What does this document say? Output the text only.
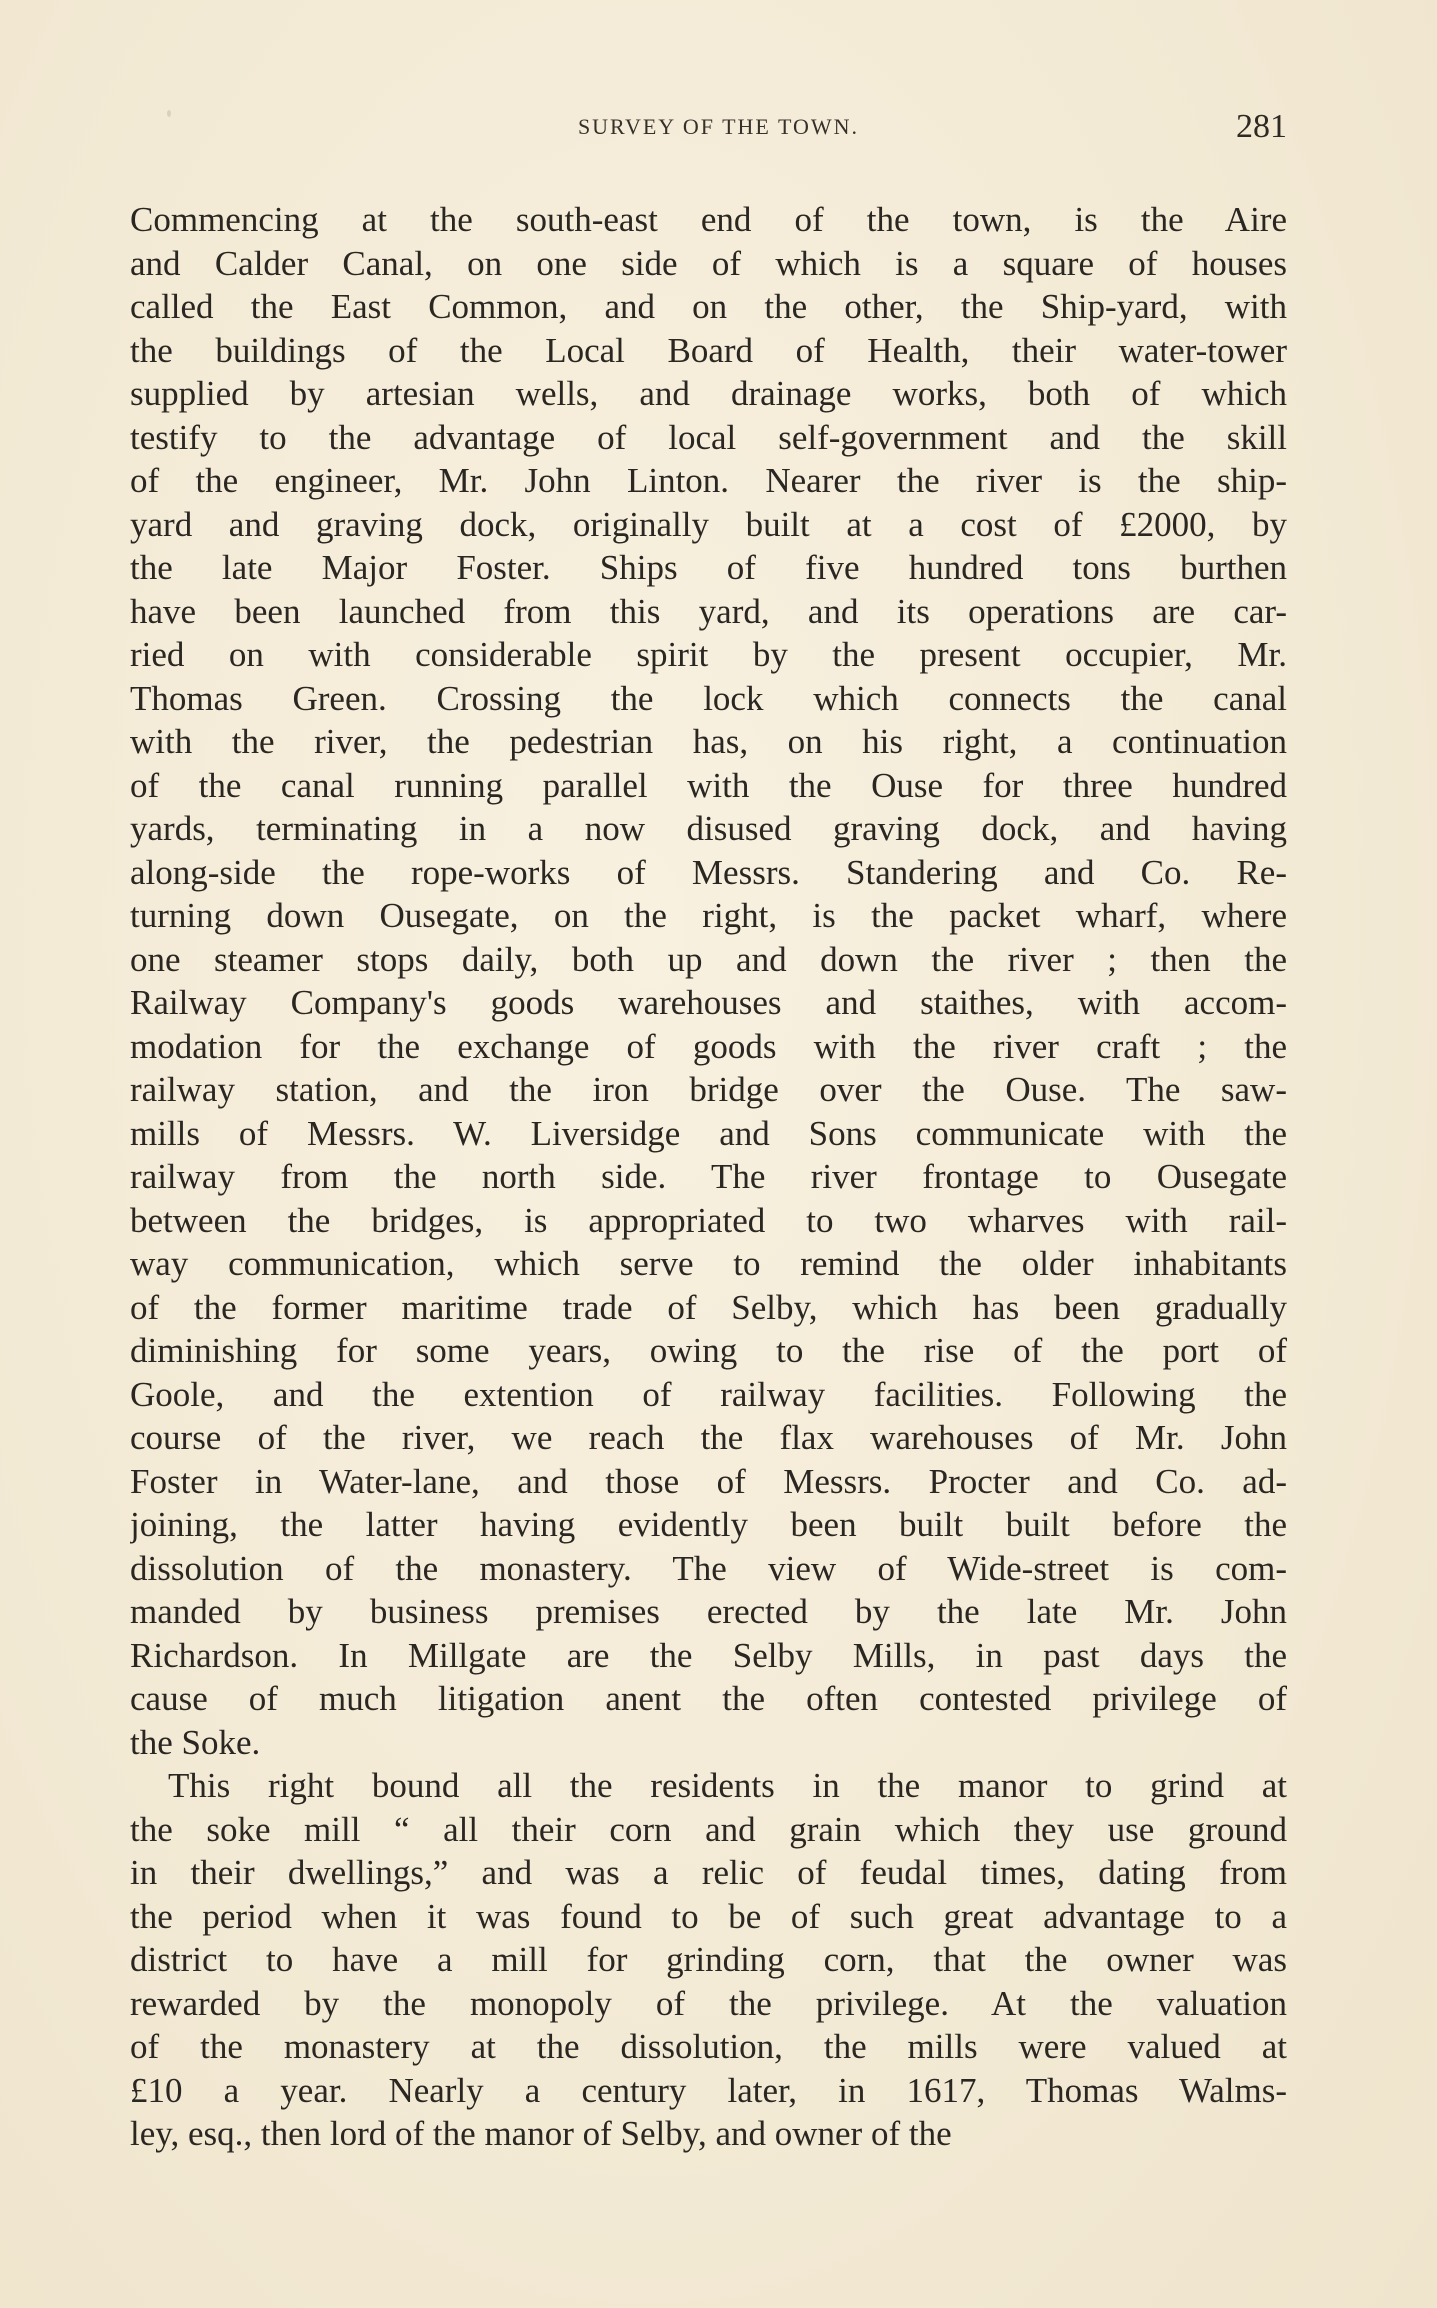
SURVEY OF THE TOWN.	281

Commencing at the south-east end of the town, is the Aire
and Calder Canal, on one side of which is a square of houses
called the East Common, and on the other, the Ship-yard, with
the buildings of the Local Board of Health, their water-tower
supplied by artesian wells, and drainage works, both of which
testify to the advantage of local self-government and the skill
of the engineer, Mr. John Linton. Nearer the river is the ship-
yard and graving dock, originally built at a cost of £2000, by
the late Major Foster. Ships of five hundred tons burthen
have been launched from this yard, and its operations are car-
ried on with considerable spirit by the present occupier, Mr.
Thomas Green. Crossing the lock which connects the canal
with the river, the pedestrian has, on his right, a continuation
of the canal running parallel with the Ouse for three hundred
yards, terminating in a now disused graving dock, and having
along-side the rope-works of Messrs. Standering and Co. Re-
turning down Ousegate, on the right, is the packet wharf, where
one steamer stops daily, both up and down the river ; then the
Railway Company's goods warehouses and staithes, with accom-
modation for the exchange of goods with the river craft ; the
railway station, and the iron bridge over the Ouse. The saw-
mills of Messrs. W. Liversidge and Sons communicate with the
railway from the north side. The river frontage to Ousegate
between the bridges, is appropriated to two wharves with rail-
way communication, which serve to remind the older inhabitants
of the former maritime trade of Selby, which has been gradually
diminishing for some years, owing to the rise of the port of
Goole, and the extention of railway facilities. Following the
course of the river, we reach the flax warehouses of Mr. John
Foster in Water-lane, and those of Messrs. Procter and Co. ad-
joining, the latter having evidently been built built before the
dissolution of the monastery. The view of Wide-street is com-
manded by business premises erected by the late Mr. John
Richardson. In Millgate are the Selby Mills, in past days the
cause of much litigation anent the often contested privilege of
the Soke.

This right bound all the residents in the manor to grind at
the soke mill “ all their corn and grain which they use ground
in their dwellings,” and was a relic of feudal times, dating from
the period when it was found to be of such great advantage to a
district to have a mill for grinding corn, that the owner was
rewarded by the monopoly of the privilege. At the valuation
of the monastery at the dissolution, the mills were valued at
£10 a year. Nearly a century later, in 1617, Thomas Walms-
ley, esq., then lord of the manor of Selby, and owner of the
